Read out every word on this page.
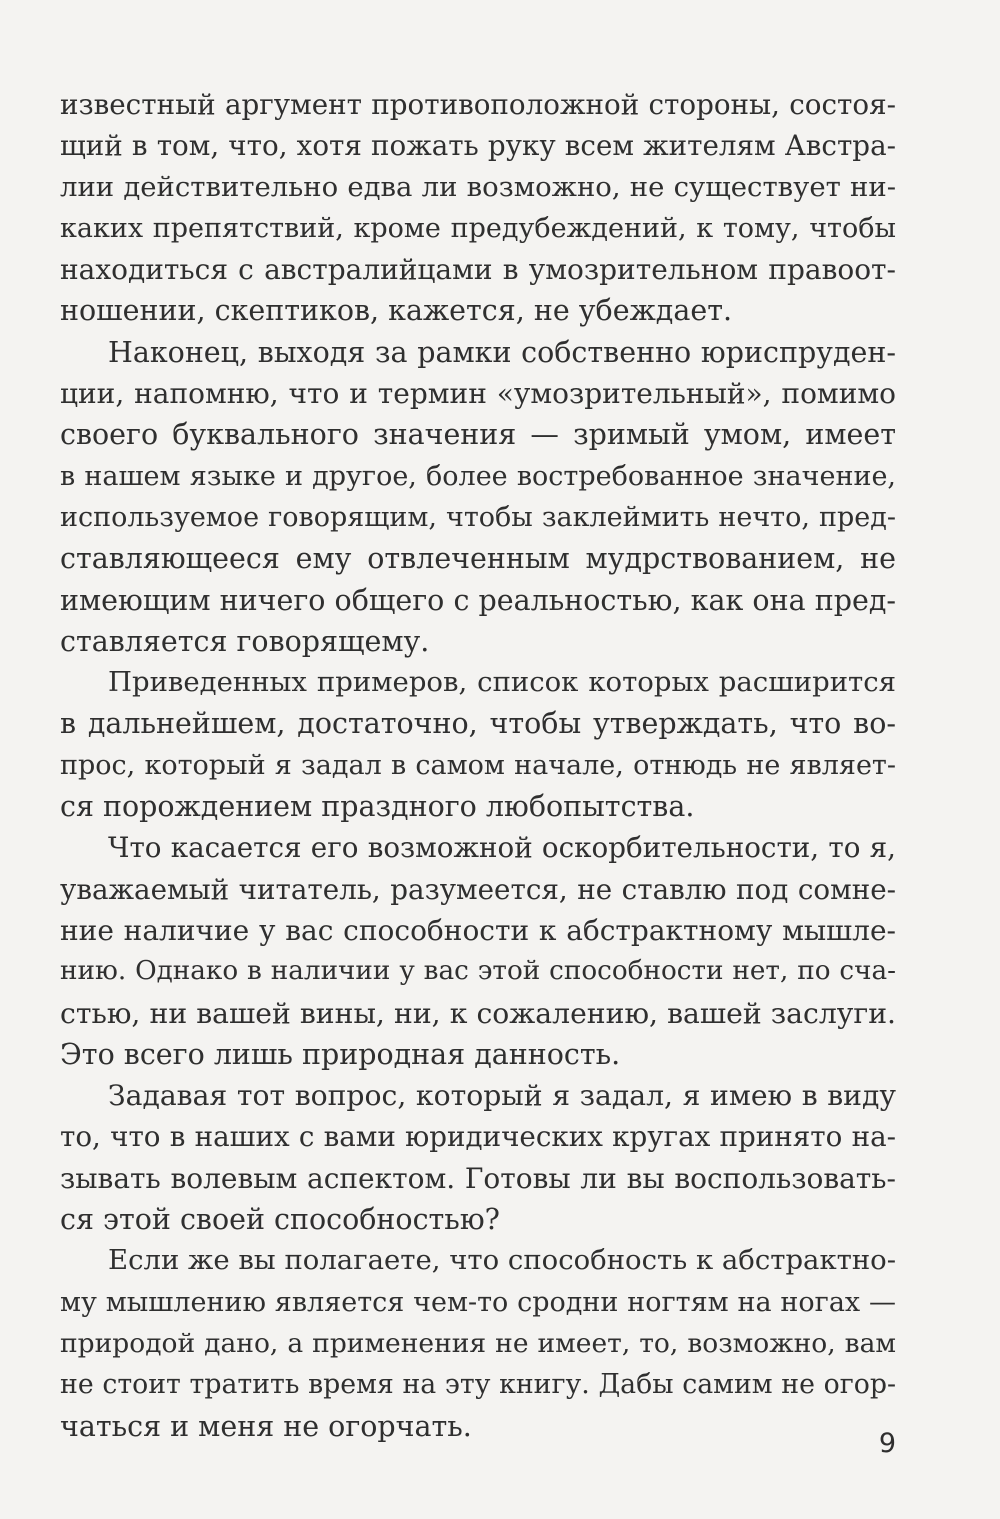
известный аргумент противоположной стороны, состоя-
щий в том, что, хотя пожать руку всем жителям Австра-
лии действительно едва ли возможно, не существует ни-
каких препятствий, кроме предубеждений, к тому, чтобы
находиться с австралийцами в умозрительном правоот-
ношении, скептиков, кажется, не убеждает.
Наконец, выходя за рамки собственно юриспруден-
ции, напомню, что и термин «умозрительный», помимо
своего буквального значения — зримый умом, имеет
в нашем языке и другое, более востребованное значение,
используемое говорящим, чтобы заклеймить нечто, пред-
ставляющееся ему отвлеченным мудрствованием, не
имеющим ничего общего с реальностью, как она пред-
ставляется говорящему.
Приведенных примеров, список которых расширится
в дальнейшем, достаточно, чтобы утверждать, что во-
прос, который я задал в самом начале, отнюдь не являет-
ся порождением праздного любопытства.
Что касается его возможной оскорбительности, то я,
уважаемый читатель, разумеется, не ставлю под сомне-
ние наличие у вас способности к абстрактному мышле-
нию. Однако в наличии у вас этой способности нет, по сча-
стью, ни вашей вины, ни, к сожалению, вашей заслуги.
Это всего лишь природная данность.
Задавая тот вопрос, который я задал, я имею в виду
то, что в наших с вами юридических кругах принято на-
зывать волевым аспектом. Готовы ли вы воспользовать-
ся этой своей способностью?
Если же вы полагаете, что способность к абстрактно-
му мышлению является чем-то сродни ногтям на ногах —
природой дано, а применения не имеет, то, возможно, вам
не стоит тратить время на эту книгу. Дабы самим не огор-
чаться и меня не огорчать.
9
